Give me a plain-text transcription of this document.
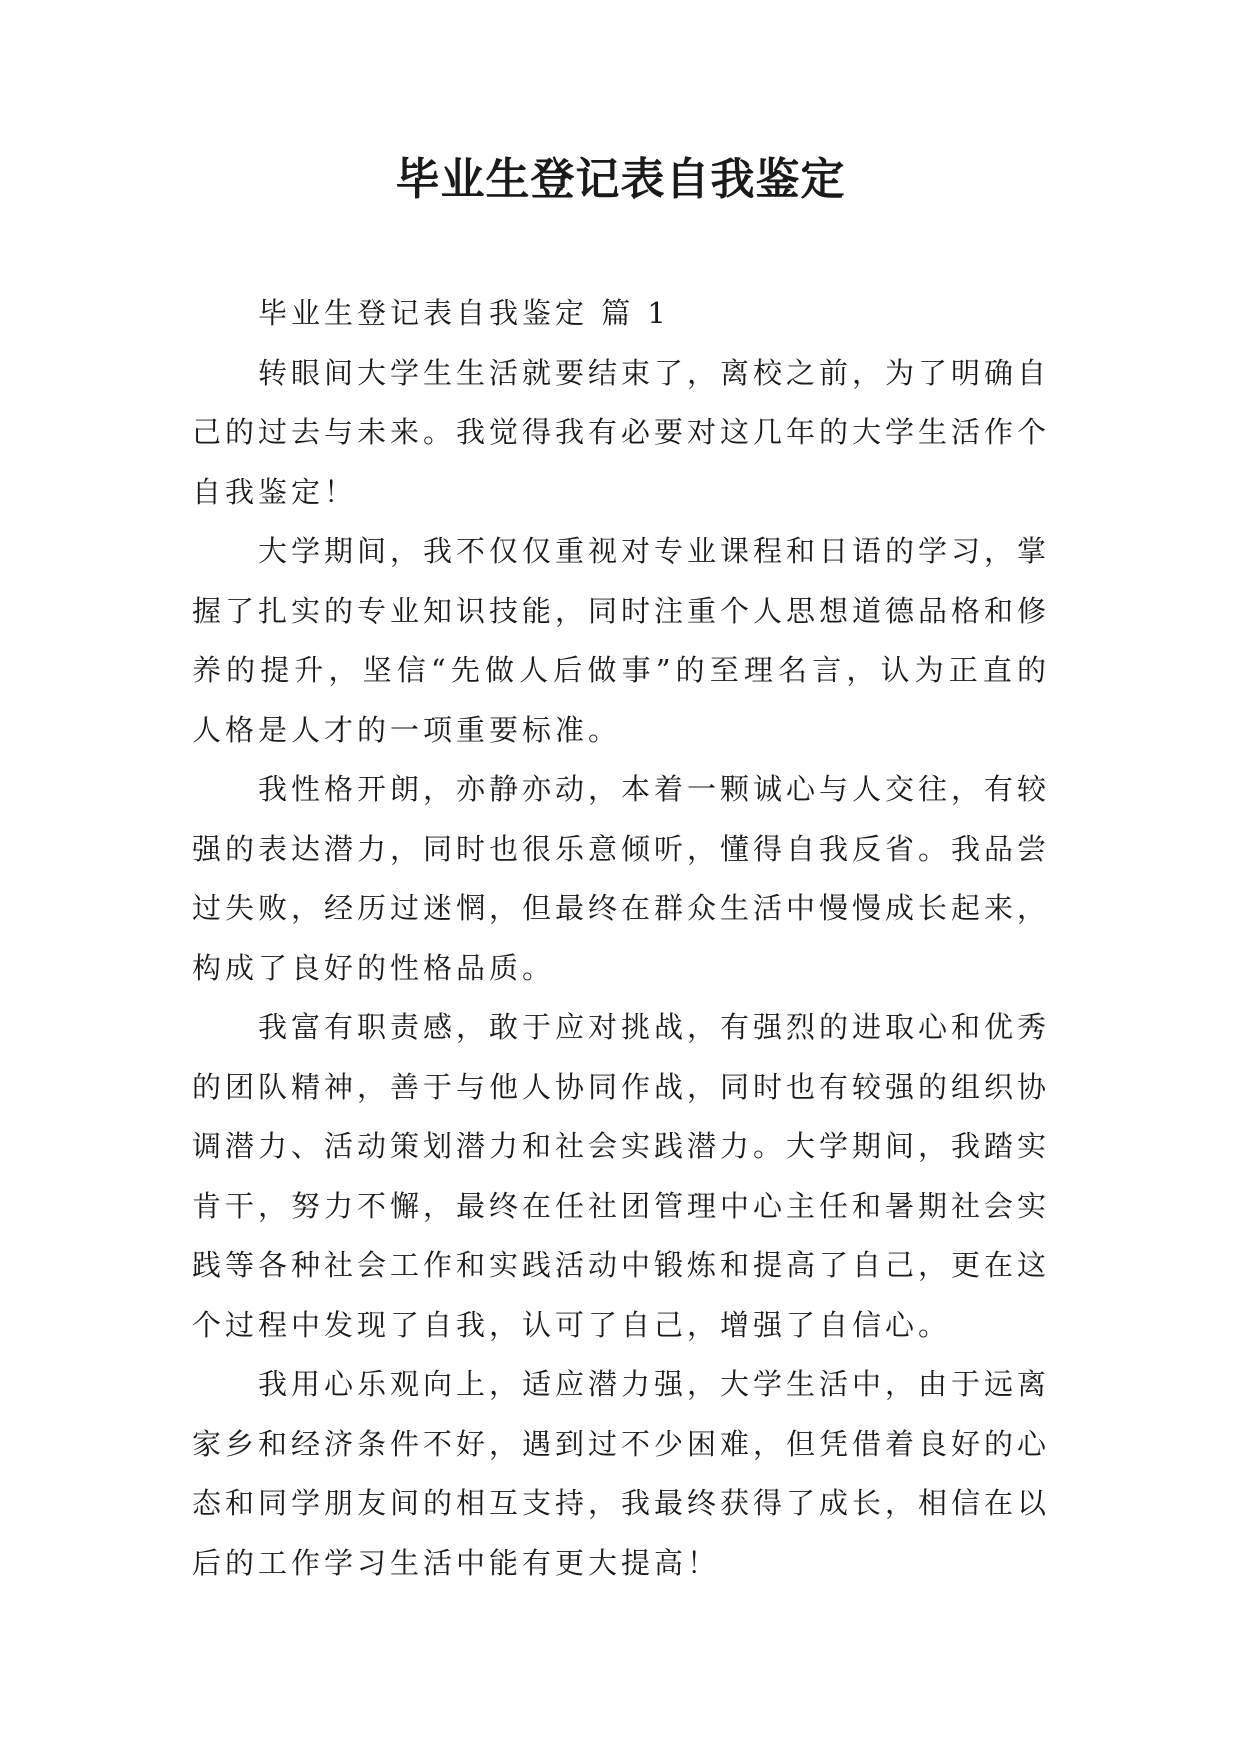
毕业生登记表自我鉴定

毕业生登记表自我鉴定 篇 1

转眼间大学生生活就要结束了，离校之前，为了明确自己的过去与未来。我觉得我有必要对这几年的大学生活作个自我鉴定！

大学期间，我不仅仅重视对专业课程和日语的学习，掌握了扎实的专业知识技能，同时注重个人思想道德品格和修养的提升，坚信“先做人后做事”的至理名言，认为正直的人格是人才的一项重要标准。

我性格开朗，亦静亦动，本着一颗诚心与人交往，有较强的表达潜力，同时也很乐意倾听，懂得自我反省。我品尝过失败，经历过迷惘，但最终在群众生活中慢慢成长起来，构成了良好的性格品质。

我富有职责感，敢于应对挑战，有强烈的进取心和优秀的团队精神，善于与他人协同作战，同时也有较强的组织协调潜力、活动策划潜力和社会实践潜力。大学期间，我踏实肯干，努力不懈，最终在任社团管理中心主任和暑期社会实践等各种社会工作和实践活动中锻炼和提高了自己，更在这个过程中发现了自我，认可了自己，增强了自信心。

我用心乐观向上，适应潜力强，大学生活中，由于远离家乡和经济条件不好，遇到过不少困难，但凭借着良好的心态和同学朋友间的相互支持，我最终获得了成长，相信在以后的工作学习生活中能有更大提高！
